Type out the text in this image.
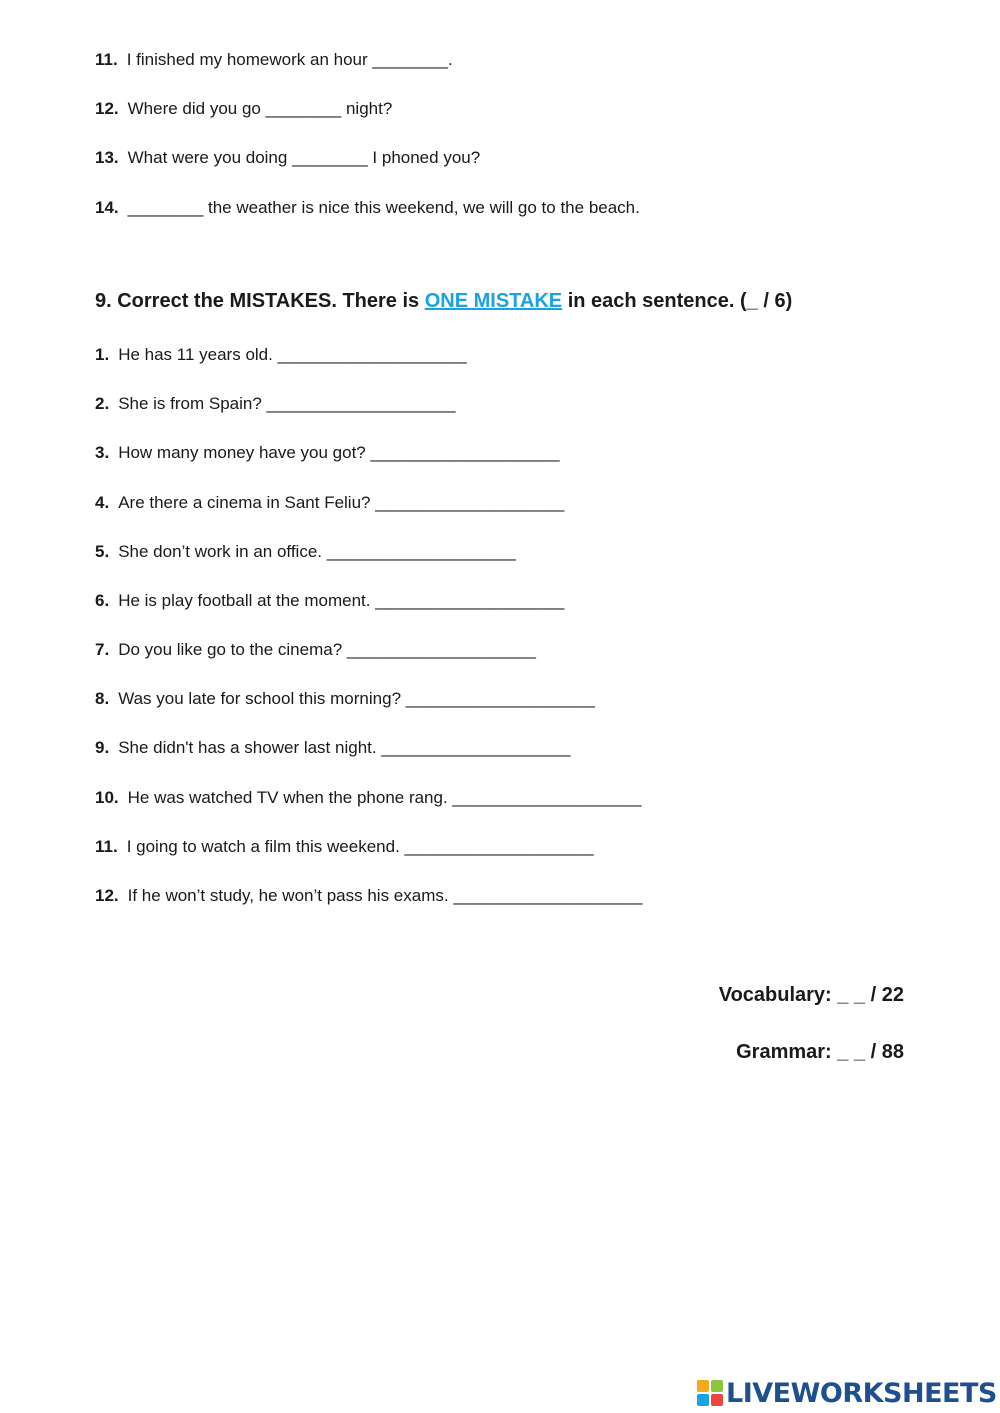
11. I finished my homework an hour ________.
12. Where did you go ________ night?
13. What were you doing ________ I phoned you?
14. ________ the weather is nice this weekend, we will go to the beach.
9. Correct the MISTAKES. There is ONE MISTAKE in each sentence. (_ / 6)
1. He has 11 years old. ____________________
2. She is from Spain? ____________________
3. How many money have you got? ____________________
4. Are there a cinema in Sant Feliu? ____________________
5. She don’t work in an office. ____________________
6. He is play football at the moment. ____________________
7. Do you like go to the cinema? ____________________
8. Was you late for school this morning? ____________________
9. She didn't has a shower last night. ____________________
10. He was watched TV when the phone rang. ____________________
11. I going to watch a film this weekend. ____________________
12. If he won’t study, he won’t pass his exams. ____________________
Vocabulary: _ _ / 22
Grammar: _ _ / 88
LIVEWORKSHEETS
